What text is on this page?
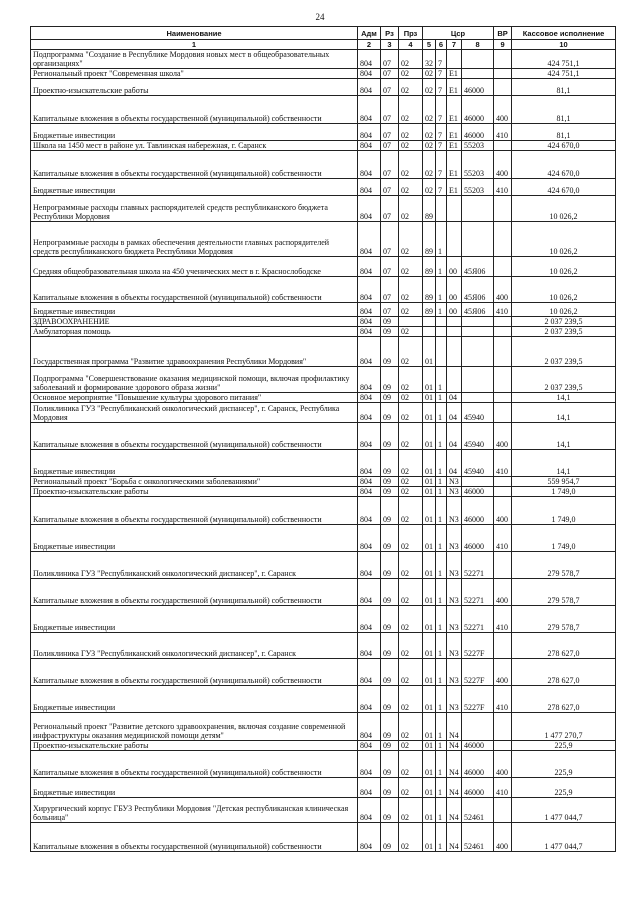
24
Наименование	Адм	Рз	Прз	Цср				ВР	Кассовое исполнение
1	2	3	4	5	6	7	8	9	10
Подпрограмма "Создание в Республике Мордовия новых мест в общеобразовательных организациях"	804	07	02	32	7				424 751,1
Региональный проект "Современная школа"	804	07	02	02	7	E1			424 751,1
Проектно-изыскательские работы	804	07	02	02	7	E1	46000		81,1
Капитальные вложения в объекты государственной (муниципальной) собственности	804	07	02	02	7	E1	46000	400	81,1
Бюджетные инвестиции	804	07	02	02	7	E1	46000	410	81,1
Школа на 1450 мест в районе ул. Тавлинская набережная, г. Саранск	804	07	02	02	7	E1	55203		424 670,0
Капитальные вложения в объекты государственной (муниципальной) собственности	804	07	02	02	7	E1	55203	400	424 670,0
Бюджетные инвестиции	804	07	02	02	7	E1	55203	410	424 670,0
Непрограммные расходы главных распорядителей средств республиканского бюджета Республики Мордовия	804	07	02	89					10 026,2
Непрограммные расходы в рамках обеспечения деятельности главных распорядителей средств республиканского бюджета Республики Мордовия	804	07	02	89	1				10 026,2
Средняя общеобразовательная школа на 450 ученических мест в г. Краснослободске	804	07	02	89	1	00	45Я06		10 026,2
Капитальные вложения в объекты государственной (муниципальной) собственности	804	07	02	89	1	00	45Я06	400	10 026,2
Бюджетные инвестиции	804	07	02	89	1	00	45Я06	410	10 026,2
ЗДРАВООХРАНЕНИЕ	804	09							2 037 239,5
Амбулаторная помощь	804	09	02						2 037 239,5
Государственная программа "Развитие здравоохранения Республики Мордовия"	804	09	02	01					2 037 239,5
Подпрограмма "Совершенствование оказания медицинской помощи, включая профилактику заболеваний и формирование здорового образа жизни"	804	09	02	01	1				2 037 239,5
Основное мероприятие "Повышение культуры здорового питания"	804	09	02	01	1	04			14,1
Поликлиника ГУЗ "Республиканский онкологический диспансер", г. Саранск, Республика Мордовия	804	09	02	01	1	04	45940		14,1
Капитальные вложения в объекты государственной (муниципальной) собственности	804	09	02	01	1	04	45940	400	14,1
Бюджетные инвестиции	804	09	02	01	1	04	45940	410	14,1
Региональный проект "Борьба с онкологическими заболеваниями"	804	09	02	01	1	N3			559 954,7
Проектно-изыскательские работы	804	09	02	01	1	N3	46000		1 749,0
Капитальные вложения в объекты государственной (муниципальной) собственности	804	09	02	01	1	N3	46000	400	1 749,0
Бюджетные инвестиции	804	09	02	01	1	N3	46000	410	1 749,0
Поликлиника ГУЗ "Республиканский онкологический диспансер", г. Саранск	804	09	02	01	1	N3	52271		279 578,7
Капитальные вложения в объекты государственной (муниципальной) собственности	804	09	02	01	1	N3	52271	400	279 578,7
Бюджетные инвестиции	804	09	02	01	1	N3	52271	410	279 578,7
Поликлиника ГУЗ "Республиканский онкологический диспансер", г. Саранск	804	09	02	01	1	N3	5227F		278 627,0
Капитальные вложения в объекты государственной (муниципальной) собственности	804	09	02	01	1	N3	5227F	400	278 627,0
Бюджетные инвестиции	804	09	02	01	1	N3	5227F	410	278 627,0
Региональный проект "Развитие детского здравоохранения, включая создание современной инфраструктуры оказания медицинской помощи детям"	804	09	02	01	1	N4			1 477 270,7
Проектно-изыскательские работы	804	09	02	01	1	N4	46000		225,9
Капитальные вложения в объекты государственной (муниципальной) собственности	804	09	02	01	1	N4	46000	400	225,9
Бюджетные инвестиции	804	09	02	01	1	N4	46000	410	225,9
Хирургический корпус ГБУЗ Республики Мордовия "Детская республиканская клиническая больница"	804	09	02	01	1	N4	52461		1 477 044,7
Капитальные вложения в объекты государственной (муниципальной) собственности	804	09	02	01	1	N4	52461	400	1 477 044,7
